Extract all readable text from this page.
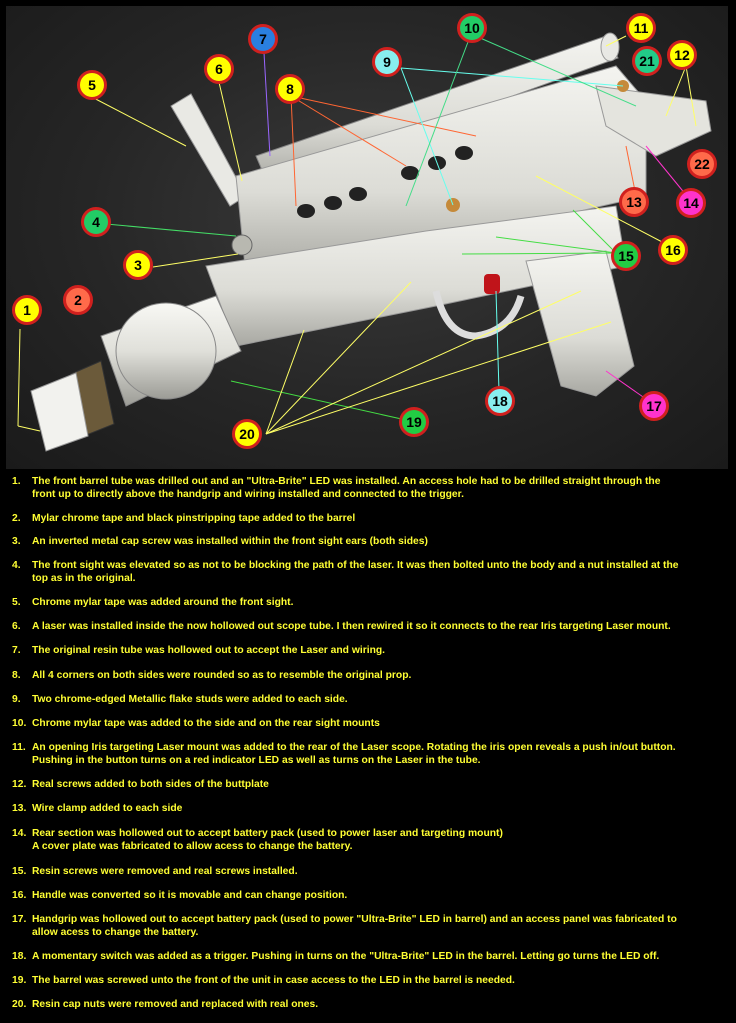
1
2
3
4
5
6
7
8
9
10	11
12
13	14
15	16
17
18
19
20
21
22
1. The front barrel tube was drilled out and an "Ultra-Brite" LED was installed. An access hole had to be drilled straight through the
front up to directly above the handgrip and wiring installed and connected to the trigger.
2. Mylar chrome tape and black pinstripping tape added to the barrel
3. An inverted metal cap screw was installed within the front sight ears (both sides)
4. The front sight was elevated so as not to be blocking the path of the laser. It was then bolted unto the body and a nut installed at the
top as in the original.
5. Chrome mylar tape was added around the front sight.
6. A laser was installed inside the now hollowed out scope tube. I then rewired it so it connects to the rear Iris targeting Laser mount.
7. The original resin tube was hollowed out to accept the Laser and wiring.
8. All 4 corners on both sides were rounded so as to resemble the original prop.
9. Two chrome-edged Metallic flake studs were added to each side.
10. Chrome mylar tape was added to the side and on the rear sight mounts
11. An opening Iris targeting Laser mount was added to the rear of the Laser scope. Rotating the iris open reveals a push in/out button.
Pushing in the button turns on a red indicator LED as well as turns on the Laser in the tube.
12. Real screws added to both sides of the buttplate
13. Wire clamp added to each side
14. Rear section was hollowed out to accept battery pack (used to power laser and targeting mount)
A cover plate was fabricated to allow acess to change the battery.
15. Resin screws were removed and real screws installed.
16. Handle was converted so it is movable and can change position.
17. Handgrip was hollowed out to accept battery pack (used to power "Ultra-Brite" LED in barrel) and an access panel was fabricated to
allow acess to change the battery.
18. A momentary switch was added as a trigger. Pushing in turns on the "Ultra-Brite" LED in the barrel. Letting go turns the LED off.
19. The barrel was screwed unto the front of the unit in case access to the LED in the barrel is needed.
20. Resin cap nuts were removed and replaced with real ones.
